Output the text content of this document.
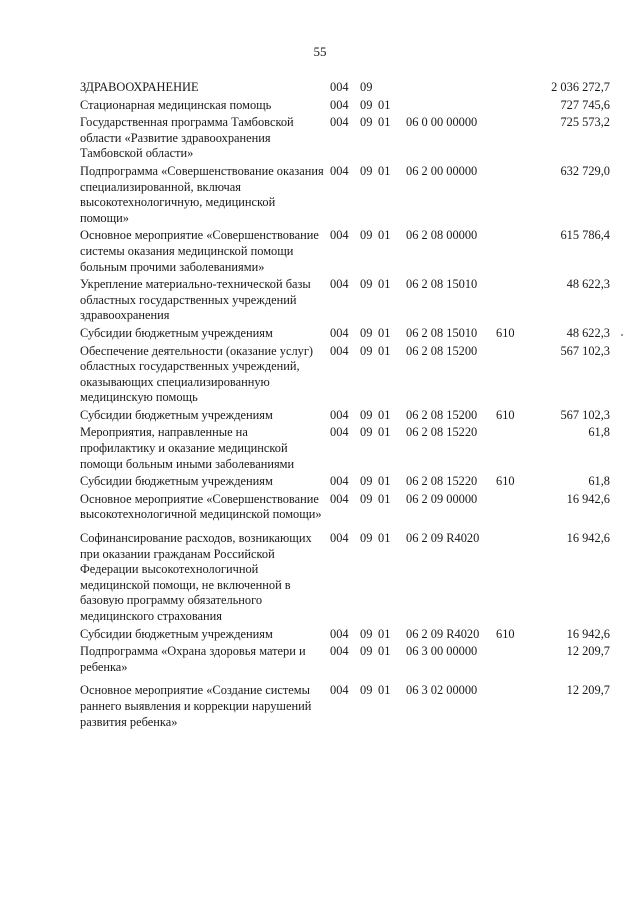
55
ЗДРАВООХРАНЕНИЕ	004	09				2 036 272,7
Стационарная медицинская помощь	004	09	01			727 745,6
Государственная программа Тамбовской области «Развитие здравоохранения Тамбовской области»	004	09	01	06 0 00 00000		725 573,2
Подпрограмма «Совершенствование оказания специализированной, включая высокотехнологичную, медицинской помощи»	004	09	01	06 2 00 00000		632 729,0
Основное мероприятие «Совершенствование системы оказания медицинской помощи больным прочими заболеваниями»	004	09	01	06 2 08 00000		615 786,4
Укрепление материально-технической базы областных государственных учреждений здравоохранения	004	09	01	06 2 08 15010		48 622,3
Субсидии бюджетным учреждениям	004	09	01	06 2 08 15010	610	48 622,3
Обеспечение деятельности (оказание услуг) областных государственных учреждений, оказывающих специализированную медицинскую помощь	004	09	01	06 2 08 15200		567 102,3
Субсидии бюджетным учреждениям	004	09	01	06 2 08 15200	610	567 102,3
Мероприятия, направленные на профилактику и оказание медицинской помощи больным иными заболеваниями	004	09	01	06 2 08 15220		61,8
Субсидии бюджетным учреждениям	004	09	01	06 2 08 15220	610	61,8
Основное мероприятие «Совершенствование высокотехнологичной медицинской помощи»	004	09	01	06 2 09 00000		16 942,6
Софинансирование расходов, возникающих при оказании гражданам Российской Федерации высокотехнологичной медицинской помощи, не включенной в базовую программу обязательного медицинского страхования	004	09	01	06 2 09 R4020		16 942,6
Субсидии бюджетным учреждениям	004	09	01	06 2 09 R4020	610	16 942,6
Подпрограмма «Охрана здоровья матери и ребенка»	004	09	01	06 3 00 00000		12 209,7
Основное мероприятие «Создание системы раннего выявления и коррекции нарушений развития ребенка»	004	09	01	06 3 02 00000		12 209,7
